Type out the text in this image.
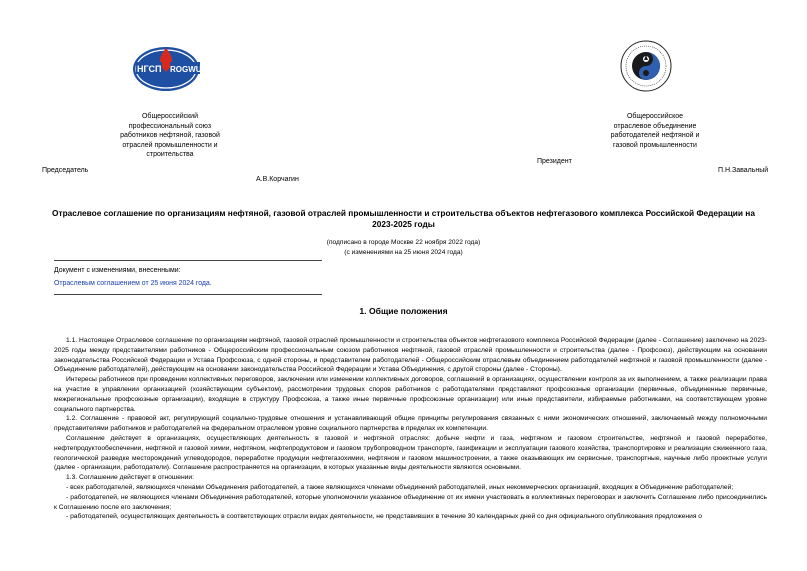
НГСП ROGWU
Общероссийский
профессиональный союз
работников нефтяной, газовой
отраслей промышленности и
строительства
Общероссийское
отраслевое объединение
работодателей нефтяной и
газовой промышленности
Президент
Председатель	П.Н.Завальный
А.В.Корчагин
Отраслевое соглашение по организациям нефтяной, газовой отраслей промышленности и строительства объектов нефтегазового комплекса Российской Федерации на 2023-2025 годы
(подписано в городе Москве 22 ноября 2022 года)
(с изменениями на 25 июня 2024 года)
Документ с изменениями, внесенными:
Отраслевым соглашением от 25 июня 2024 года.
1. Общие положения

1.1. Настоящее Отраслевое соглашение по организациям нефтяной, газовой отраслей промышленности и строительства объектов нефтегазового комплекса Российской Федерации (далее - Соглашение) заключено на 2023-2025 годы между представителями работников - Общероссийским профессиональным союзом работников нефтяной, газовой отраслей промышленности и строительства (далее - Профсоюз), действующим на основании законодательства Российской Федерации и Устава Профсоюза, с одной стороны, и представителем работодателей - Общероссийским отраслевым объединением работодателей нефтяной и газовой промышленности (далее - Объединение работодателей), действующим на основании законодательства Российской Федерации и Устава Объединения, с другой стороны (далее - Стороны).

Интересы работников при проведении коллективных переговоров, заключении или изменении коллективных договоров, соглашений в организациях, осуществлении контроля за их выполнением, а также реализации права на участие в управлении организацией (хозяйствующим субъектом), рассмотрении трудовых споров работников с работодателями представляют профсоюзные организации (первичные, объединенные первичные, межрегиональные профсоюзные организации), входящие в структуру Профсоюза, а также иные первичные профсоюзные организации) или иные представители, избираемые работниками, на соответствующем уровне социального партнерства.

1.2. Соглашение - правовой акт, регулирующий социально-трудовые отношения и устанавливающий общие принципы регулирования связанных с ними экономических отношений, заключаемый между полномочными представителями работников и работодателей на федеральном отраслевом уровне социального партнерства в пределах их компетенции.

Соглашение действует в организациях, осуществляющих деятельность в газовой и нефтяной отраслях: добыче нефти и газа, нефтяном и газовом строительстве, нефтяной и газовой переработке, нефтепродуктообеспечении, нефтяной и газовой химии, нефтяном, нефтепродуктовом и газовом трубопроводном транспорте, газификации и эксплуатации газового хозяйства, транспортировке и реализации сжиженного газа, геологической разведке месторождений углеводородов, переработке продукции нефтегазохимии, нефтяном и газовом машиностроении, а также оказывающих им сервисные, транспортные, научные либо проектные услуги (далее - организации, работодатели). Соглашение распространяется на организации, в которых указанные виды деятельности являются основными.

1.3. Соглашение действует в отношении:

- всех работодателей, являющихся членами Объединения работодателей, а также являющихся членами объединений работодателей, иных некоммерческих организаций, входящих в Объединение работодателей;

- работодателей, не являющихся членами Объединения работодателей, которые уполномочили указанное объединение от их имени участвовать в коллективных переговорах и заключить Соглашение либо присоединились к Соглашению после его заключения;

- работодателей, осуществляющих деятельность в соответствующих отрасли видах деятельности, не представивших в течение 30 календарных дней со дня официального опубликования предложения о
